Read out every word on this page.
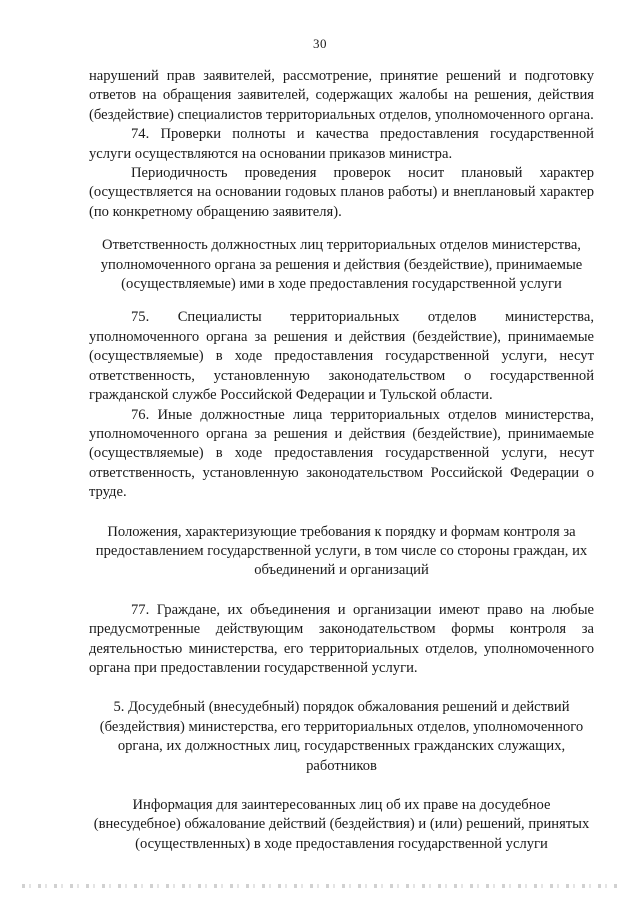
30

нарушений прав заявителей, рассмотрение, принятие решений и подготовку ответов на обращения заявителей, содержащих жалобы на решения, действия (бездействие) специалистов территориальных отделов, уполномоченного органа.

74. Проверки полноты и качества предоставления государственной услуги осуществляются на основании приказов министра.

Периодичность проведения проверок носит плановый характер (осуществляется на основании годовых планов работы) и внеплановый характер (по конкретному обращению заявителя).

Ответственность должностных лиц территориальных отделов министерства, уполномоченного органа за решения и действия (бездействие), принимаемые (осуществляемые) ими в ходе предоставления государственной услуги

75. Специалисты территориальных отделов министерства, уполномоченного органа за решения и действия (бездействие), принимаемые (осуществляемые) в ходе предоставления государственной услуги, несут ответственность, установленную законодательством о государственной гражданской службе Российской Федерации и Тульской области.

76. Иные должностные лица территориальных отделов министерства, уполномоченного органа за решения и действия (бездействие), принимаемые (осуществляемые) в ходе предоставления государственной услуги, несут ответственность, установленную законодательством Российской Федерации о труде.

Положения, характеризующие требования к порядку и формам контроля за предоставлением государственной услуги, в том числе со стороны граждан, их объединений и организаций

77. Граждане, их объединения и организации имеют право на любые предусмотренные действующим законодательством формы контроля за деятельностью министерства, его территориальных отделов, уполномоченного органа при предоставлении государственной услуги.

5. Досудебный (внесудебный) порядок обжалования решений и действий (бездействия) министерства, его территориальных отделов, уполномоченного органа, их должностных лиц, государственных гражданских служащих, работников

Информация для заинтересованных лиц об их праве на досудебное (внесудебное) обжалование действий (бездействия) и (или) решений, принятых (осуществленных) в ходе предоставления государственной услуги
